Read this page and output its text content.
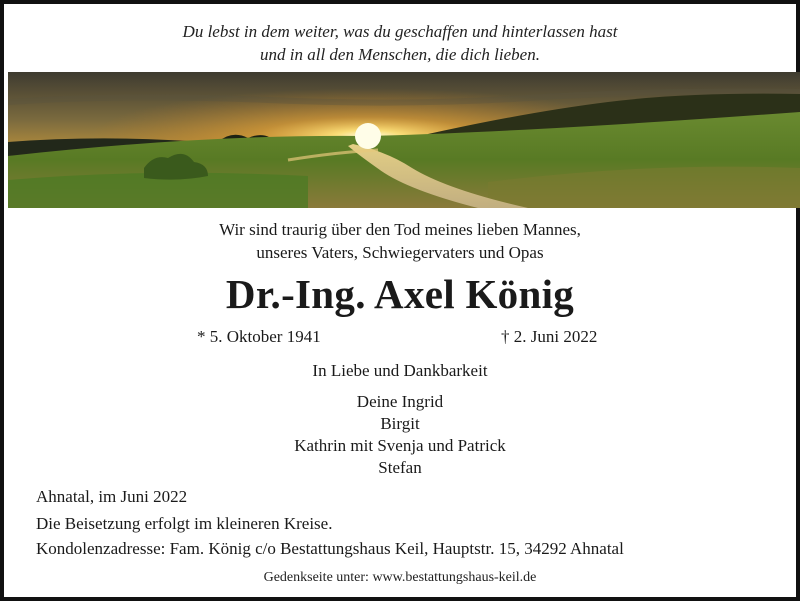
Du lebst in dem weiter, was du geschaffen und hinterlassen hast
und in all den Menschen, die dich lieben.
Wir sind traurig über den Tod meines lieben Mannes,
unseres Vaters, Schwiegervaters und Opas
Dr.-Ing. Axel König
* 5. Oktober 1941	† 2. Juni 2022
In Liebe und Dankbarkeit
Deine Ingrid
Birgit
Kathrin mit Svenja und Patrick
Stefan
Ahnatal, im Juni 2022
Die Beisetzung erfolgt im kleineren Kreise.
Kondolenzadresse: Fam. König c/o Bestattungshaus Keil, Hauptstr. 15, 34292 Ahnatal
Gedenkseite unter: www.bestattungshaus-keil.de
